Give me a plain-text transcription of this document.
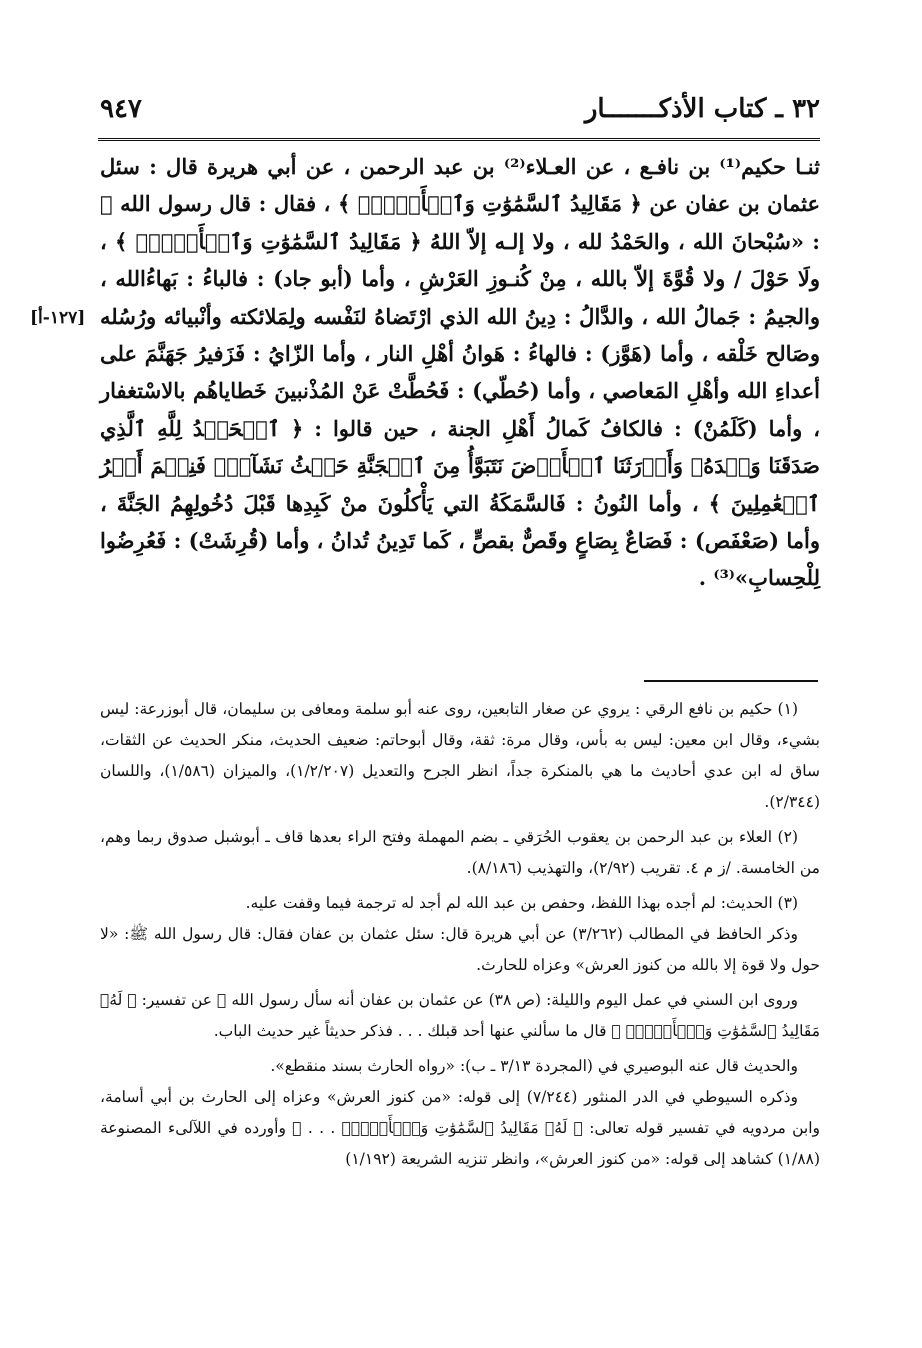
٣٢ ـ كتاب الأذكـــــــار
٩٤٧
[١٢٧-أ]

ثنـا حكيم⁽¹⁾ بن نافـع ، عن العـلاء⁽²⁾ بن عبد الرحمن ، عن أبي هريرة قال : سئل عثمان بن عفان عن ﴿ مَقَالِيدُ ٱلسَّمَٰوَٰتِ وَٱلۡأَرۡضِۗ ﴾ ، فقال : قال رسول الله ﷺ : «سُبْحانَ الله ، والحَمْدُ لله ، ولا إلـه إلاّ اللهُ ﴿ مَقَالِيدُ ٱلسَّمَٰوَٰتِ وَٱلۡأَرۡضِۗ ﴾ ، ولَا حَوْلَ / ولا قُوَّةَ إلاّ بالله ، مِنْ كُنـوزِ العَرْشِ ، وأما (أبو جاد) : فالباءُ : بَهاءُالله ، والجيمُ : جَمالُ الله ، والدَّالُ : دِينُ الله الذي ارْتَضاهُ لنَفْسه ولِمَلائكته وأنْبيائه ورُسُله وصَالح خَلْقه ، وأما (هَوَّز) : فالهاءُ : هَوانُ أهْلِ النار ، وأما الزّايُ : فَزَفيرُ جَهَنَّمَ على أعداءِ الله وأهْلِ المَعاصي ، وأما (حُطّي) : فَحُطَّتْ عَنْ المُذْنبينَ خَطاياهُم بالاسْتغفار ، وأما (كَلَمُنْ) : فالكافُ كَمالُ أَهْلِ الجنة ، حين قالوا : ﴿ ٱلۡحَمۡدُ لِلَّهِ ٱلَّذِي صَدَقَنَا وَعۡدَهُۥ وَأَوۡرَثَنَا ٱلۡأَرۡضَ نَتَبَوَّأُ مِنَ ٱلۡجَنَّةِ حَيۡثُ نَشَآءُۖ فَنِعۡمَ أَجۡرُ ٱلۡعَٰمِلِينَ ﴾ ، وأما النُونُ : فَالسَّمَكَةُ التي يَأْكلُونَ منْ كَبِدِها قَبْلَ دُخُولِهِمُ الجَنَّةَ ، وأما (صَعْفَص) : فَصَاعٌ بِصَاعٍ وقَصٌّ بقصٍّ ، كَما تَدِينُ تُدانُ ، وأما (قُرِشَتْ) : فَعُرِضُوا لِلْحِسابِ»⁽³⁾ .

(١) حكيم بن نافع الرقي : يروي عن صغار التابعين، روى عنه أبو سلمة ومعافى بن سليمان، قال أبوزرعة: ليس بشيء، وقال ابن معين: ليس به بأس، وقال مرة: ثقة، وقال أبوحاتم: ضعيف الحديث، منكر الحديث عن الثقات، ساق له ابن عدي أحاديث ما هي بالمنكرة جداً، انظر الجرح والتعديل (١/٢/٢٠٧)، والميزان (١/٥٨٦)، واللسان (٢/٣٤٤).

(٢) العلاء بن عبد الرحمن بن يعقوب الحُرَقي ـ بضم المهملة وفتح الراء بعدها قاف ـ أبوشبل صدوق ربما وهم، من الخامسة. /ز م ٤. تقريب (٢/٩٢)، والتهذيب (٨/١٨٦).

(٣) الحديث: لم أجده بهذا اللفظ، وحفص بن عبد الله لم أجد له ترجمة فيما وقفت عليه.

وذكر الحافظ في المطالب (٣/٢٦٢) عن أبي هريرة قال: سئل عثمان بن عفان فقال: قال رسول الله ﷺ: «لا حول ولا قوة إلا بالله من كنوز العرش» وعزاه للحارث.

وروى ابن السني في عمل اليوم والليلة: (ص ٣٨) عن عثمان بن عفان أنه سأل رسول الله ﷺ عن تفسير: ﴿ لَهُۥ مَقَالِيدُ ٱلسَّمَٰوَٰتِ وَٱلۡأَرۡضِۗ ﴾ قال ما سألني عنها أحد قبلك . . . فذكر حديثاً غير حديث الباب.

والحديث قال عنه البوصيري في (المجردة ٣/١٣ ـ ب): «رواه الحارث بسند منقطع».

وذكره السيوطي في الدر المنثور (٧/٢٤٤) إلى قوله: «من كنوز العرش» وعزاه إلى الحارث بن أبي أسامة، وابن مردويه في تفسير قوله تعالى: ﴿ لَهُۥ مَقَالِيدُ ٱلسَّمَٰوَٰتِ وَٱلۡأَرۡضِۗ . . . ﴾ وأورده في اللآلىء المصنوعة (١/٨٨) كشاهد إلى قوله: «من كنوز العرش»، وانظر تنزيه الشريعة (١/١٩٢)
